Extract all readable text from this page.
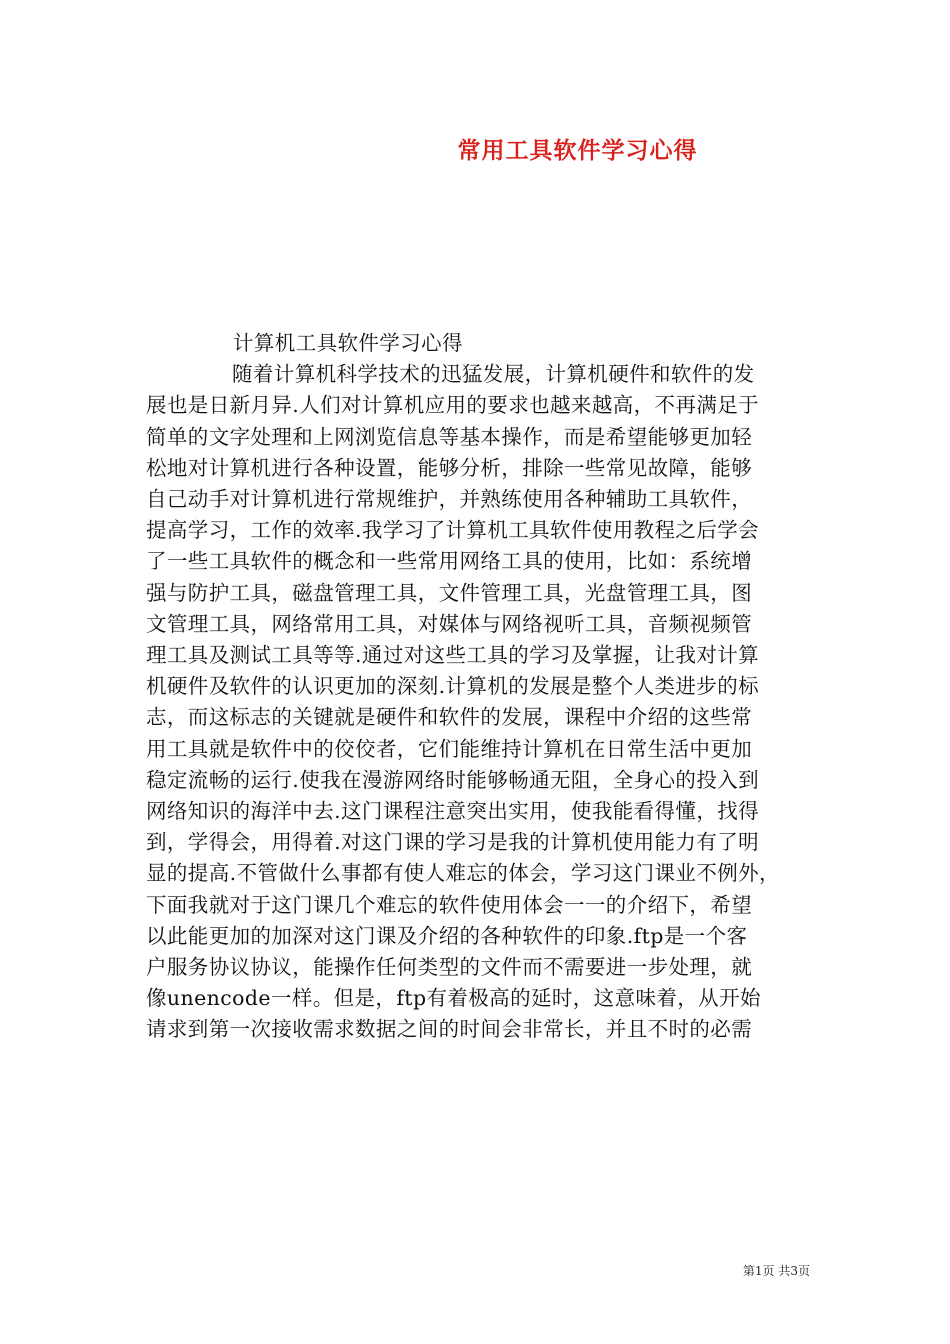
常用工具软件学习心得
计算机工具软件学习心得
随着计算机科学技术的迅猛发展，计算机硬件和软件的发
展也是日新月异.人们对计算机应用的要求也越来越高，不再满足于
简单的文字处理和上网浏览信息等基本操作，而是希望能够更加轻
松地对计算机进行各种设置，能够分析，排除一些常见故障，能够
自己动手对计算机进行常规维护，并熟练使用各种辅助工具软件，
提高学习，工作的效率.我学习了计算机工具软件使用教程之后学会
了一些工具软件的概念和一些常用网络工具的使用，比如：系统增
强与防护工具，磁盘管理工具，文件管理工具，光盘管理工具，图
文管理工具，网络常用工具，对媒体与网络视听工具，音频视频管
理工具及测试工具等等.通过对这些工具的学习及掌握，让我对计算
机硬件及软件的认识更加的深刻.计算机的发展是整个人类进步的标
志，而这标志的关键就是硬件和软件的发展，课程中介绍的这些常
用工具就是软件中的佼佼者，它们能维持计算机在日常生活中更加
稳定流畅的运行.使我在漫游网络时能够畅通无阻，全身心的投入到
网络知识的海洋中去.这门课程注意突出实用，使我能看得懂，找得
到，学得会，用得着.对这门课的学习是我的计算机使用能力有了明
显的提高.不管做什么事都有使人难忘的体会，学习这门课业不例外，
下面我就对于这门课几个难忘的软件使用体会一一的介绍下，希望
以此能更加的加深对这门课及介绍的各种软件的印象.ftp是一个客
户服务协议协议，能操作任何类型的文件而不需要进一步处理，就
像unencode一样。但是，ftp有着极高的延时，这意味着，从开始
请求到第一次接收需求数据之间的时间会非常长，并且不时的必需
第1页 共3页
